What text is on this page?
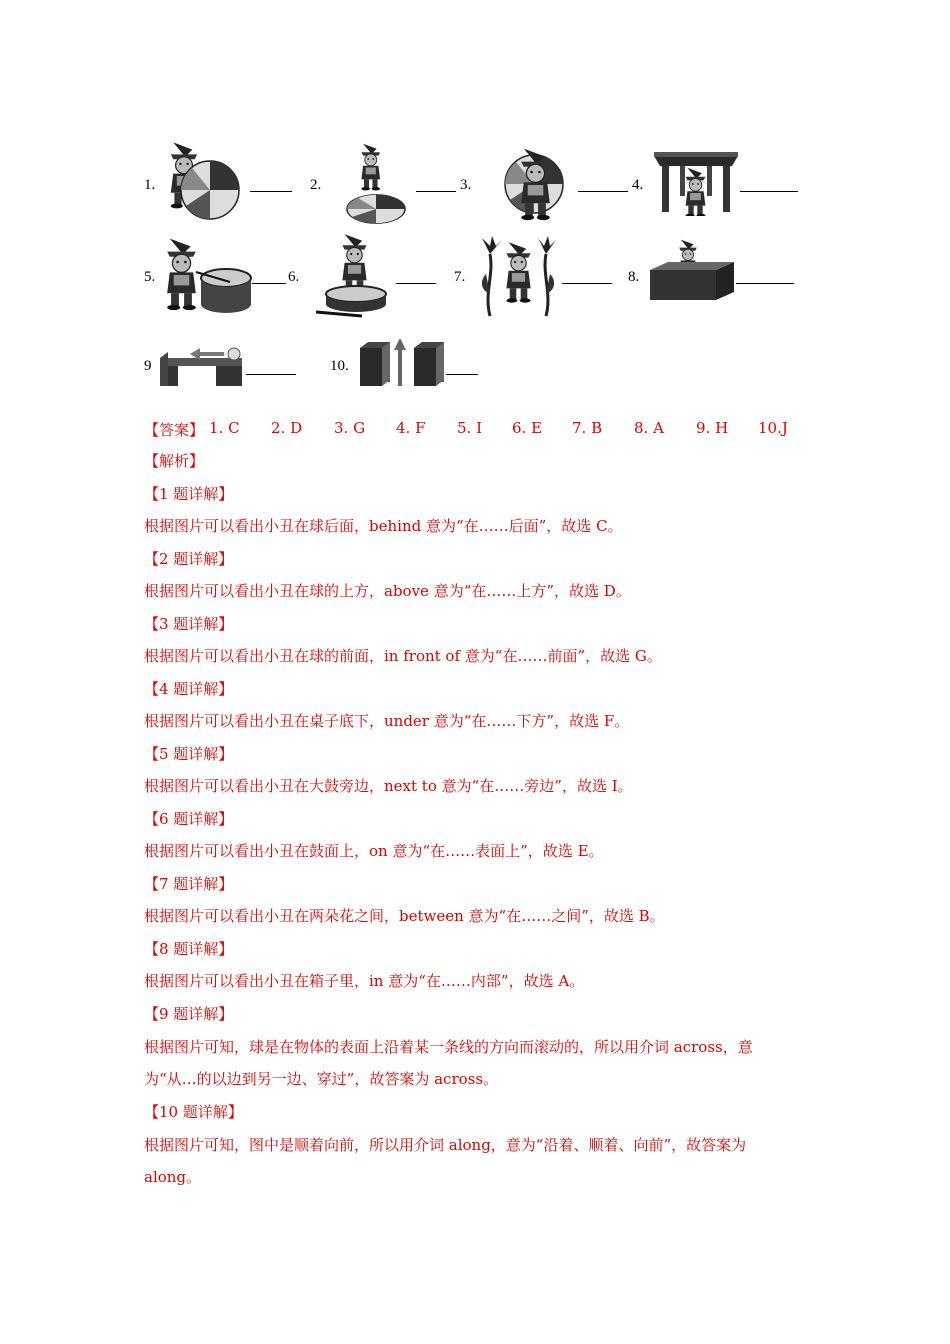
1.	2.	3.	4.
5.	6.	7.	8.
9	10.
【答案】 1. C 2. D 3. G 4. F 5. I 6. E 7. B 8. A 9. H 10.J
【解析】
【1 题详解】
根据图片可以看出小丑在球后面，behind 意为“在……后面”，故选 C。
【2 题详解】
根据图片可以看出小丑在球的上方，above 意为“在……上方”，故选 D。
【3 题详解】
根据图片可以看出小丑在球的前面，in front of 意为“在……前面”，故选 G。
【4 题详解】
根据图片可以看出小丑在桌子底下，under 意为“在……下方”，故选 F。
【5 题详解】
根据图片可以看出小丑在大鼓旁边，next to 意为“在……旁边”，故选 I。
【6 题详解】
根据图片可以看出小丑在鼓面上，on 意为“在……表面上”，故选 E。
【7 题详解】
根据图片可以看出小丑在两朵花之间，between 意为“在……之间”，故选 B。
【8 题详解】
根据图片可以看出小丑在箱子里，in 意为“在……内部”，故选 A。
【9 题详解】
根据图片可知，球是在物体的表面上沿着某一条线的方向而滚动的，所以用介词 across，意
为“从…的以边到另一边、穿过”，故答案为 across。
【10 题详解】
根据图片可知，图中是顺着向前，所以用介词 along，意为“沿着、顺着、向前”，故答案为
along。
